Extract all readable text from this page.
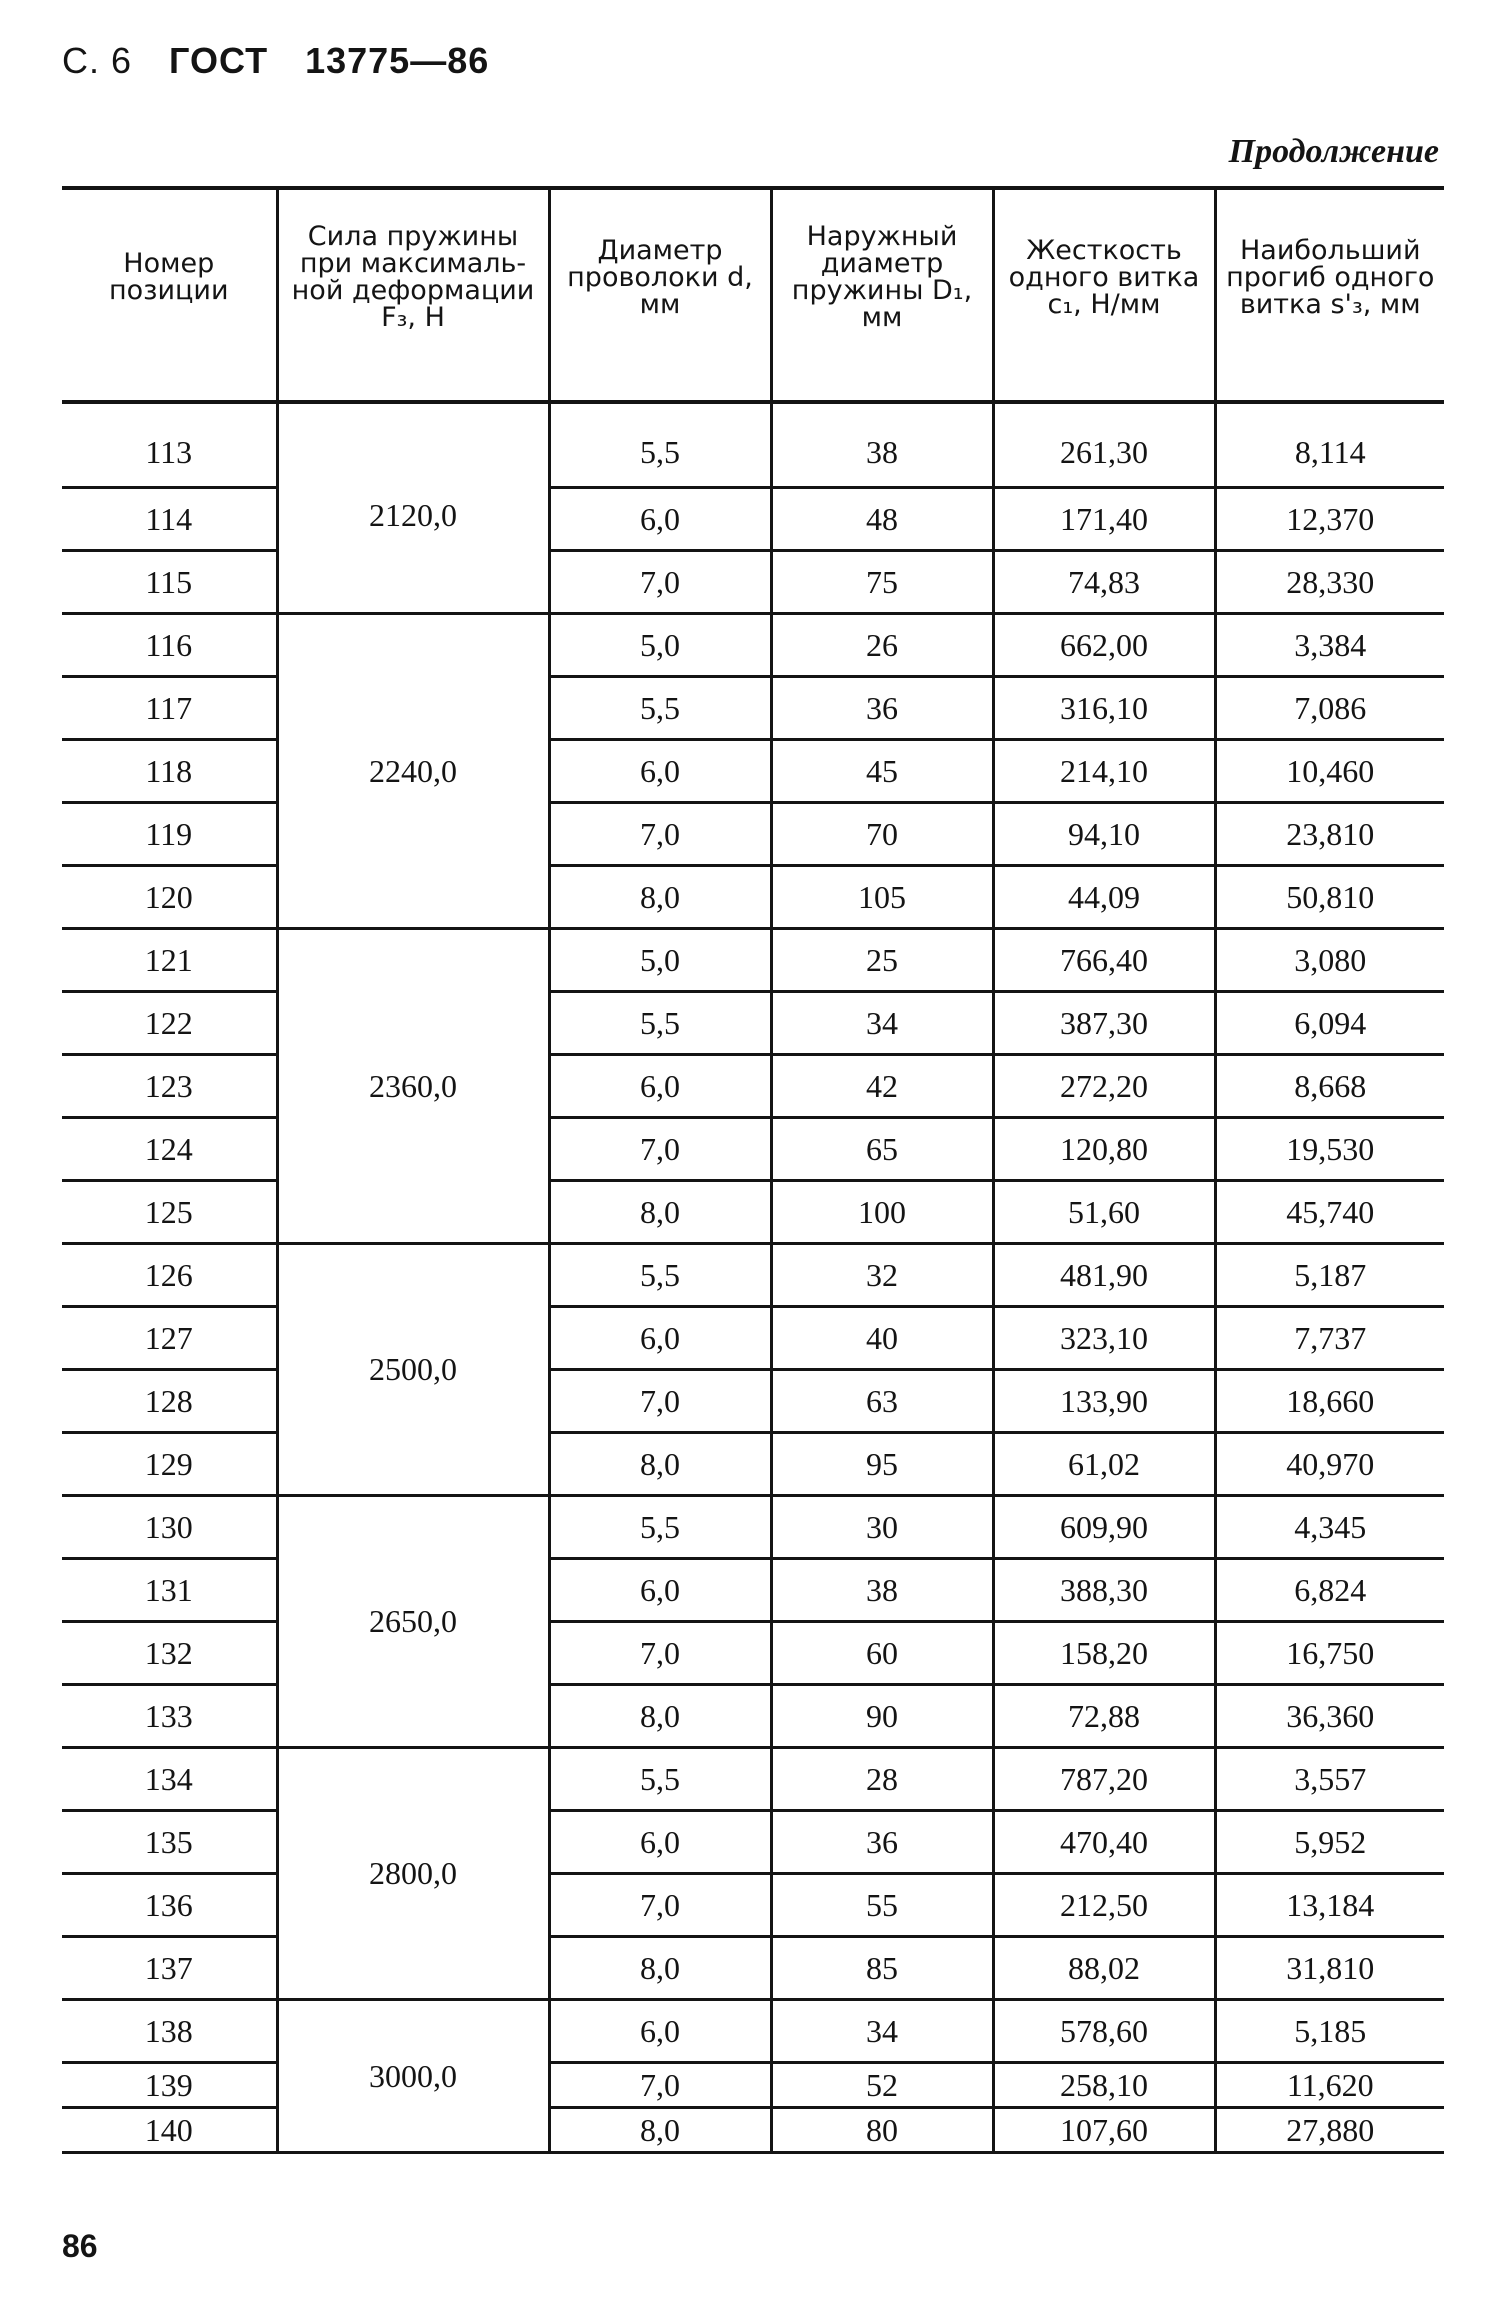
С. 6 ГОСТ 13775—86
Продолжение
Номер позиции	Сила пружины при максималь-ной деформации F₃, Н	Диаметр проволоки d, мм	Наружный диаметр пружины D₁, мм	Жесткость одного витка c₁, Н/мм	Наибольший прогиб одного витка s'₃, мм
113	2120,0	5,5	38	261,30	8,114
114		6,0	48	171,40	12,370
115		7,0	75	74,83	28,330
116	2240,0	5,0	26	662,00	3,384
117		5,5	36	316,10	7,086
118		6,0	45	214,10	10,460
119		7,0	70	94,10	23,810
120		8,0	105	44,09	50,810
121	2360,0	5,0	25	766,40	3,080
122		5,5	34	387,30	6,094
123		6,0	42	272,20	8,668
124		7,0	65	120,80	19,530
125		8,0	100	51,60	45,740
126	2500,0	5,5	32	481,90	5,187
127		6,0	40	323,10	7,737
128		7,0	63	133,90	18,660
129		8,0	95	61,02	40,970
130	2650,0	5,5	30	609,90	4,345
131		6,0	38	388,30	6,824
132		7,0	60	158,20	16,750
133		8,0	90	72,88	36,360
134	2800,0	5,5	28	787,20	3,557
135		6,0	36	470,40	5,952
136		7,0	55	212,50	13,184
137		8,0	85	88,02	31,810
138	3000,0	6,0	34	578,60	5,185
139		7,0	52	258,10	11,620
140		8,0	80	107,60	27,880
86
